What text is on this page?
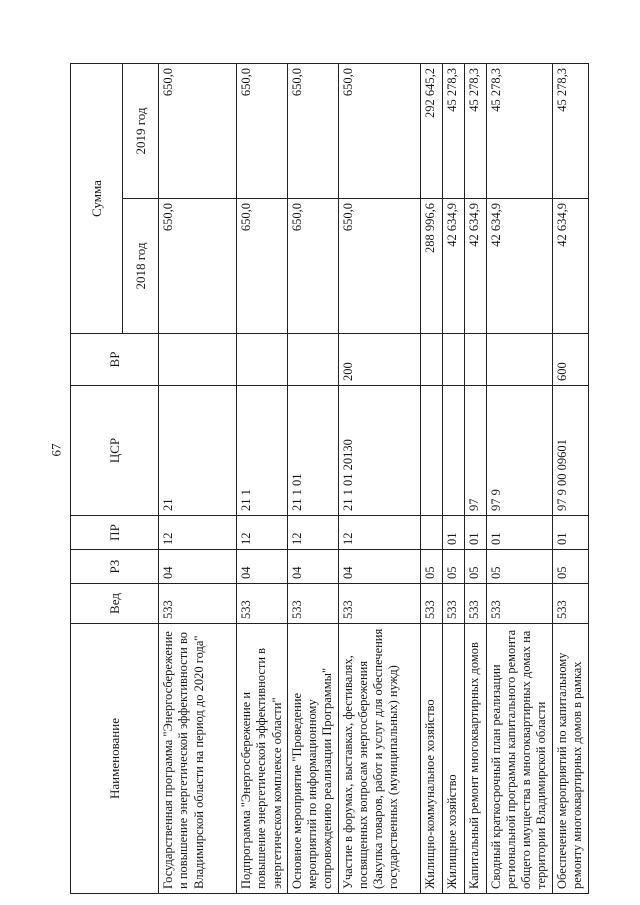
67
Наименование	Вед	РЗ	ПР	ЦСР	ВР	Сумма	
						2018 год	2019 год
Государственная программа "Энергосбережение и повышение энергетической эффективности во Владимирской области на период до 2020 года"	533	04	12	21		650,0	650,0
Подпрограмма "Энергосбережение и повышение энергетической эффективности в энергетическом комплексе области"	533	04	12	21 1		650,0	650,0
Основное мероприятие "Проведение мероприятий по информационному сопровождению реализации Программы"	533	04	12	21 1 01		650,0	650,0
Участие в форумах, выставках, фестивалях, посвященных вопросам энергосбережения (Закупка товаров, работ и услуг для обеспечения государственных (муниципальных) нужд)	533	04	12	21 1 01 20130	200	650,0	650,0
Жилищно-коммунальное хозяйство	533	05				288 996,6	292 645,2
Жилищное хозяйство	533	05	01			42 634,9	45 278,3
Капитальный ремонт многоквартирных домов	533	05	01	97		42 634,9	45 278,3
Сводный краткосрочный план реализации региональной программы капитального ремонта общего имущества в многоквартирных домах на территории Владимирской области	533	05	01	97 9		42 634,9	45 278,3
Обеспечение мероприятий по капитальному ремонту многоквартирных домов в рамках	533	05	01	97 9 00 09601	600	42 634,9	45 278,3
